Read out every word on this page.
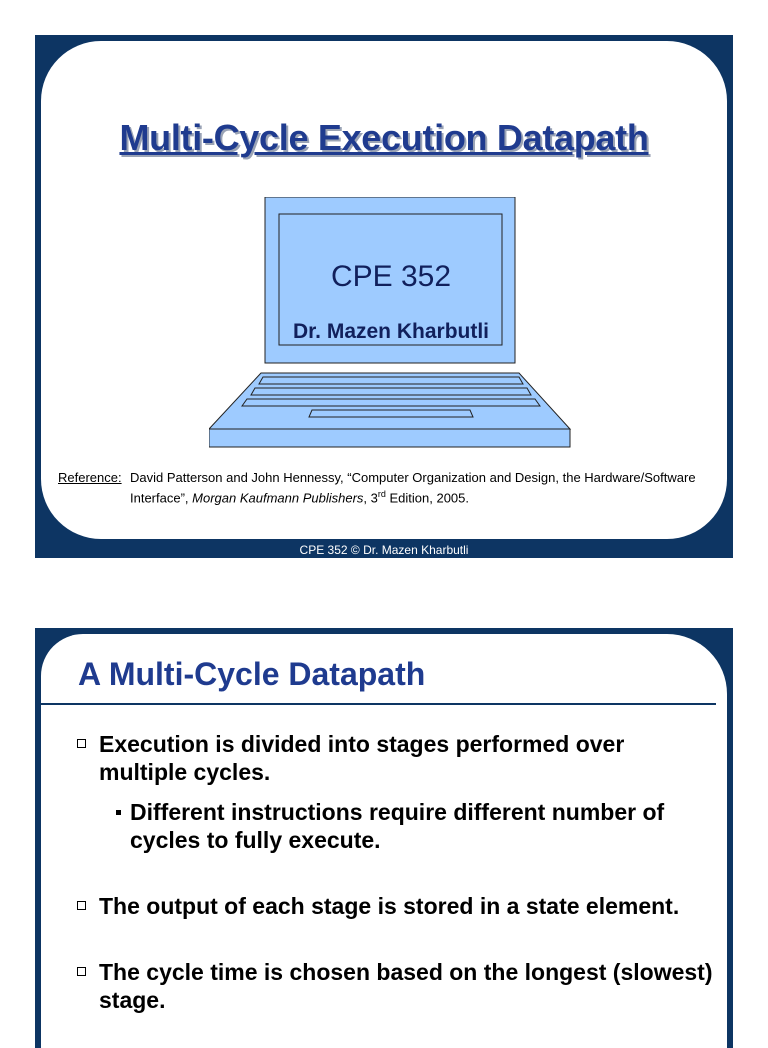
Multi-Cycle Execution Datapath
CPE 352
Dr. Mazen Kharbutli
Reference: David Patterson and John Hennessy, “Computer Organization and Design, the Hardware/Software
Interface”, Morgan Kaufmann Publishers, 3rd Edition, 2005.
CPE 352 © Dr. Mazen Kharbutli
A Multi-Cycle Datapath
Execution is divided into stages performed over multiple cycles.
Different instructions require different number of cycles to fully execute.
The output of each stage is stored in a state element.
The cycle time is chosen based on the longest (slowest) stage.
